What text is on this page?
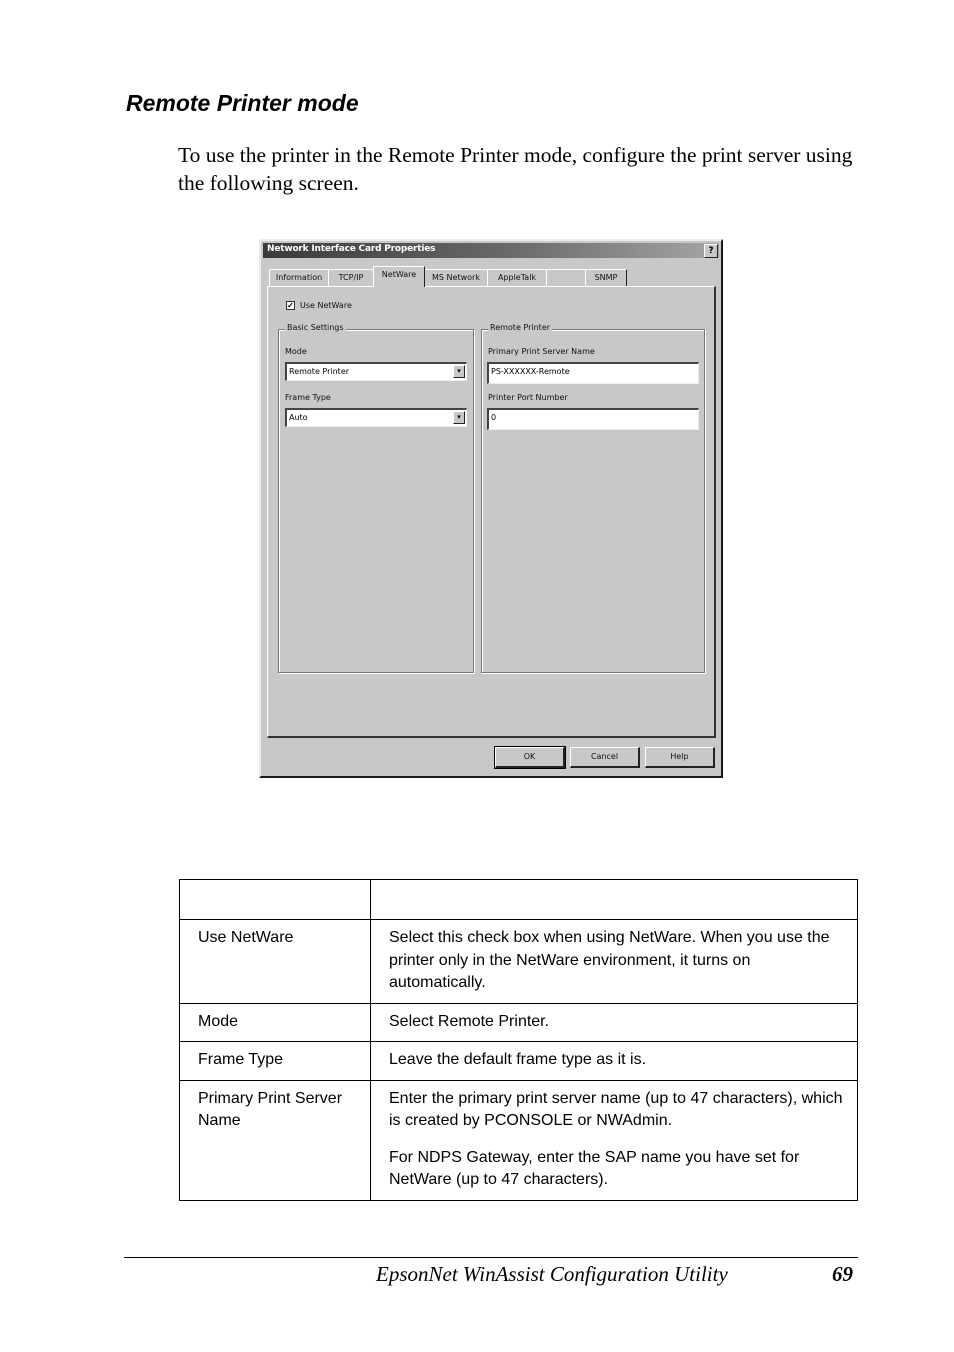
Remote Printer mode

To use the printer in the Remote Printer mode, configure the print server using the following screen.

Network Interface Card Properties	?
Information	TCP/IP	NetWare	MS Network	AppleTalk	SNMP
✓ Use NetWare
Basic Settings
Mode
Remote Printer	▾
Frame Type
Auto	▾
Remote Printer
Primary Print Server Name
PS-XXXXXX-Remote
Printer Port Number
0
OK	Cancel	Help

Use NetWare	Select this check box when using NetWare. When you use the printer only in the NetWare environment, it turns on automatically.

Mode	Select Remote Printer.

Frame Type	Leave the default frame type as it is.

Primary Print Server Name	Enter the primary print server name (up to 47 characters), which is created by PCONSOLE or NWAdmin.

For NDPS Gateway, enter the SAP name you have set for NetWare (up to 47 characters).

EpsonNet WinAssist Configuration Utility	69
